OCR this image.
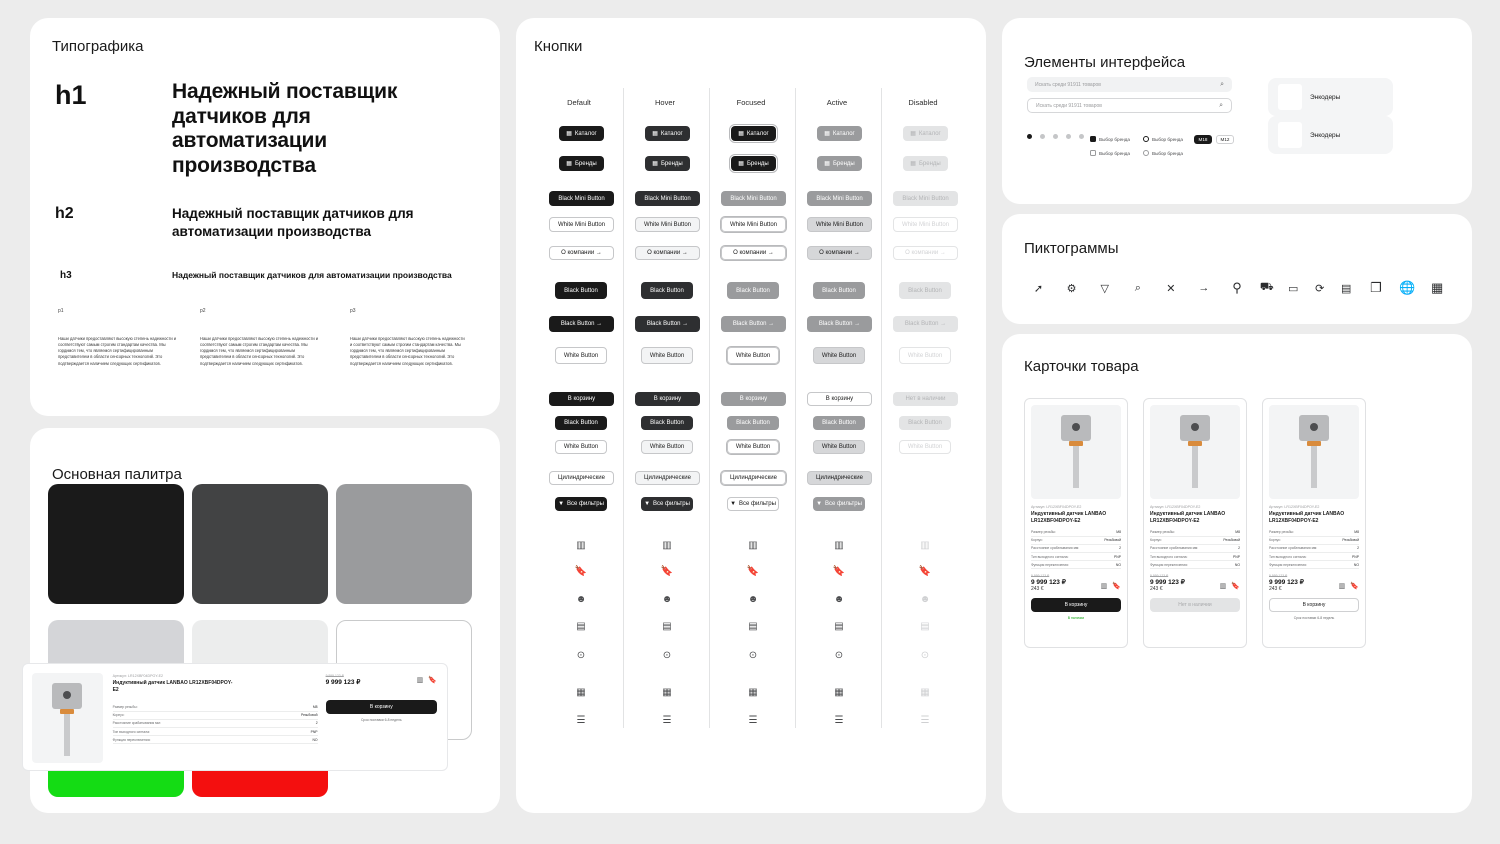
Типографика
h1	Надежный поставщик датчиков для автоматизации производства
h2	Надежный поставщик датчиков для автоматизации производства
h3	Надежный поставщик датчиков для автоматизации производства
p1
Наши датчики предоставляют высокую степень надежности и соответствуют самым строгим стандартам качества. Мы гордимся тем, что являемся сертифицированным представителем в области сенсорных технологий. Это подтверждается наличием следующих сертификатов.
p2
Наши датчики предоставляют высокую степень надежности и соответствуют самым строгим стандартам качества. Мы гордимся тем, что являемся сертифицированным представителем в области сенсорных технологий. Это подтверждается наличием следующих сертификатов.
p3
Наши датчики предоставляют высокую степень надежности и соответствуют самым строгим стандартам качества. Мы гордимся тем, что являемся сертифицированным представителем в области сенсорных технологий. Это подтверждается наличием следующих сертификатов.
Основная палитра
Кнопки
Default	Hover	Focused	Active	Disabled
▦ Каталог	▦ Каталог	▦ Каталог	▦ Каталог	▦ Каталог
▦ Бренды	▦ Бренды	▦ Бренды	▦ Бренды	▦ Бренды
Black Mini Button	Black Mini Button	Black Mini Button	Black Mini Button	Black Mini Button
White Mini Button	White Mini Button	White Mini Button	White Mini Button	White Mini Button
О компании →	О компании →	О компании →	О компании →	О компании →
Black Button	Black Button	Black Button	Black Button	Black Button
Black Button →	Black Button →	Black Button →	Black Button →	Black Button →
White Button	White Button	White Button	White Button	White Button
В корзину	В корзину	В корзину	В корзину	Нет в наличии
Black Button	Black Button	Black Button	Black Button	Black Button
White Button	White Button	White Button	White Button	White Button
Цилиндрические	Цилиндрические	Цилиндрические	Цилиндрические
▼ Все фильтры	▼ Все фильтры	▼ Все фильтры	▼ Все фильтры
▥	▥	▥	▥	▥
🔖	🔖	🔖	🔖	🔖
☻	☻	☻	☻	☻
▤	▤	▤	▤	▤
⊙	⊙	⊙	⊙	⊙
▦	▦	▦	▦	▦
☰	☰	☰	☰	☰
Элементы интерфейса
Искать среди 91911 товаров	⌕
Искать среди 91911 товаров	⌕
Выбор бренда
Выбор бренда
Выбор бренда
Выбор бренда
M18	M12
Энкодеры
Энкодеры
Пиктограммы
➚	⚙	▽	⌕	✕	→	⚲	⛟	▭	⟳	▤	❐	🌐	▦
Карточки товара
Артикул: LR12XBF04DPOY-E2
Индуктивный датчик LANBAO LR12XBF04DPOY-E2
Размер резьбы:	M8
Корпус:	Резьбовой
Расстояние срабатывания мм:	2
Тип выходного сигнала:	PNP
Функция переключения:	NO
9 999 123 ₽
9 999 123 ₽
243 €	▥ 🔖
В корзину
В наличии
Артикул: LR12XBF04DPOY-E2
Индуктивный датчик LANBAO LR12XBF04DPOY-E2
Размер резьбы:	M8
Корпус:	Резьбовой
Расстояние срабатывания мм:	2
Тип выходного сигнала:	PNP
Функция переключения:	NO
9 999 123 ₽
9 999 123 ₽
243 €	▥ 🔖
Нет в наличии
Артикул: LR12XBF04DPOY-E2
Индуктивный датчик LANBAO LR12XBF04DPOY-E2
Размер резьбы:	M8
Корпус:	Резьбовой
Расстояние срабатывания мм:	2
Тип выходного сигнала:	PNP
Функция переключения:	NO
9 999 123 ₽
9 999 123 ₽
243 €	▥ 🔖
В корзину
Срок поставки 6-8 недель
Артикул: LR12XBF04DPOY-E2
Индуктивный датчик LANBAO LR12XBF04DPOY-E2
Размер резьбы:	M8
Корпус:	Резьбовой
Расстояние срабатывания мм:	2
Тип выходного сигнала:	PNP
Функция переключения:	NO
9 999 123 ₽
9 999 123 ₽	▥ 🔖
В корзину
Срок поставки 6-8 недель
